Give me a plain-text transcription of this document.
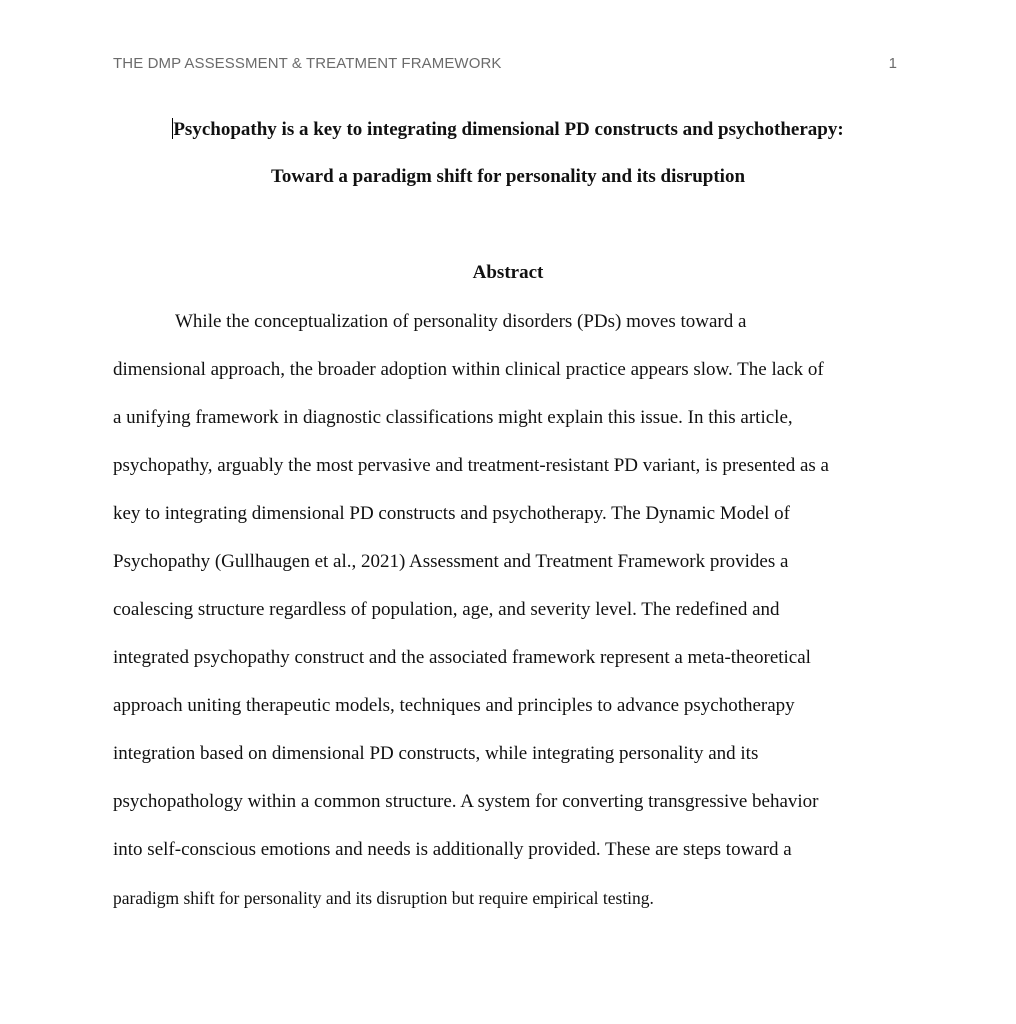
THE DMP ASSESSMENT & TREATMENT FRAMEWORK	1
Psychopathy is a key to integrating dimensional PD constructs and psychotherapy:
Toward a paradigm shift for personality and its disruption
Abstract
While the conceptualization of personality disorders (PDs) moves toward a
dimensional approach, the broader adoption within clinical practice appears slow. The lack of
a unifying framework in diagnostic classifications might explain this issue. In this article,
psychopathy, arguably the most pervasive and treatment-resistant PD variant, is presented as a
key to integrating dimensional PD constructs and psychotherapy. The Dynamic Model of
Psychopathy (Gullhaugen et al., 2021) Assessment and Treatment Framework provides a
coalescing structure regardless of population, age, and severity level. The redefined and
integrated psychopathy construct and the associated framework represent a meta-theoretical
approach uniting therapeutic models, techniques and principles to advance psychotherapy
integration based on dimensional PD constructs, while integrating personality and its
psychopathology within a common structure. A system for converting transgressive behavior
into self-conscious emotions and needs is additionally provided. These are steps toward a
paradigm shift for personality and its disruption but require empirical testing.
